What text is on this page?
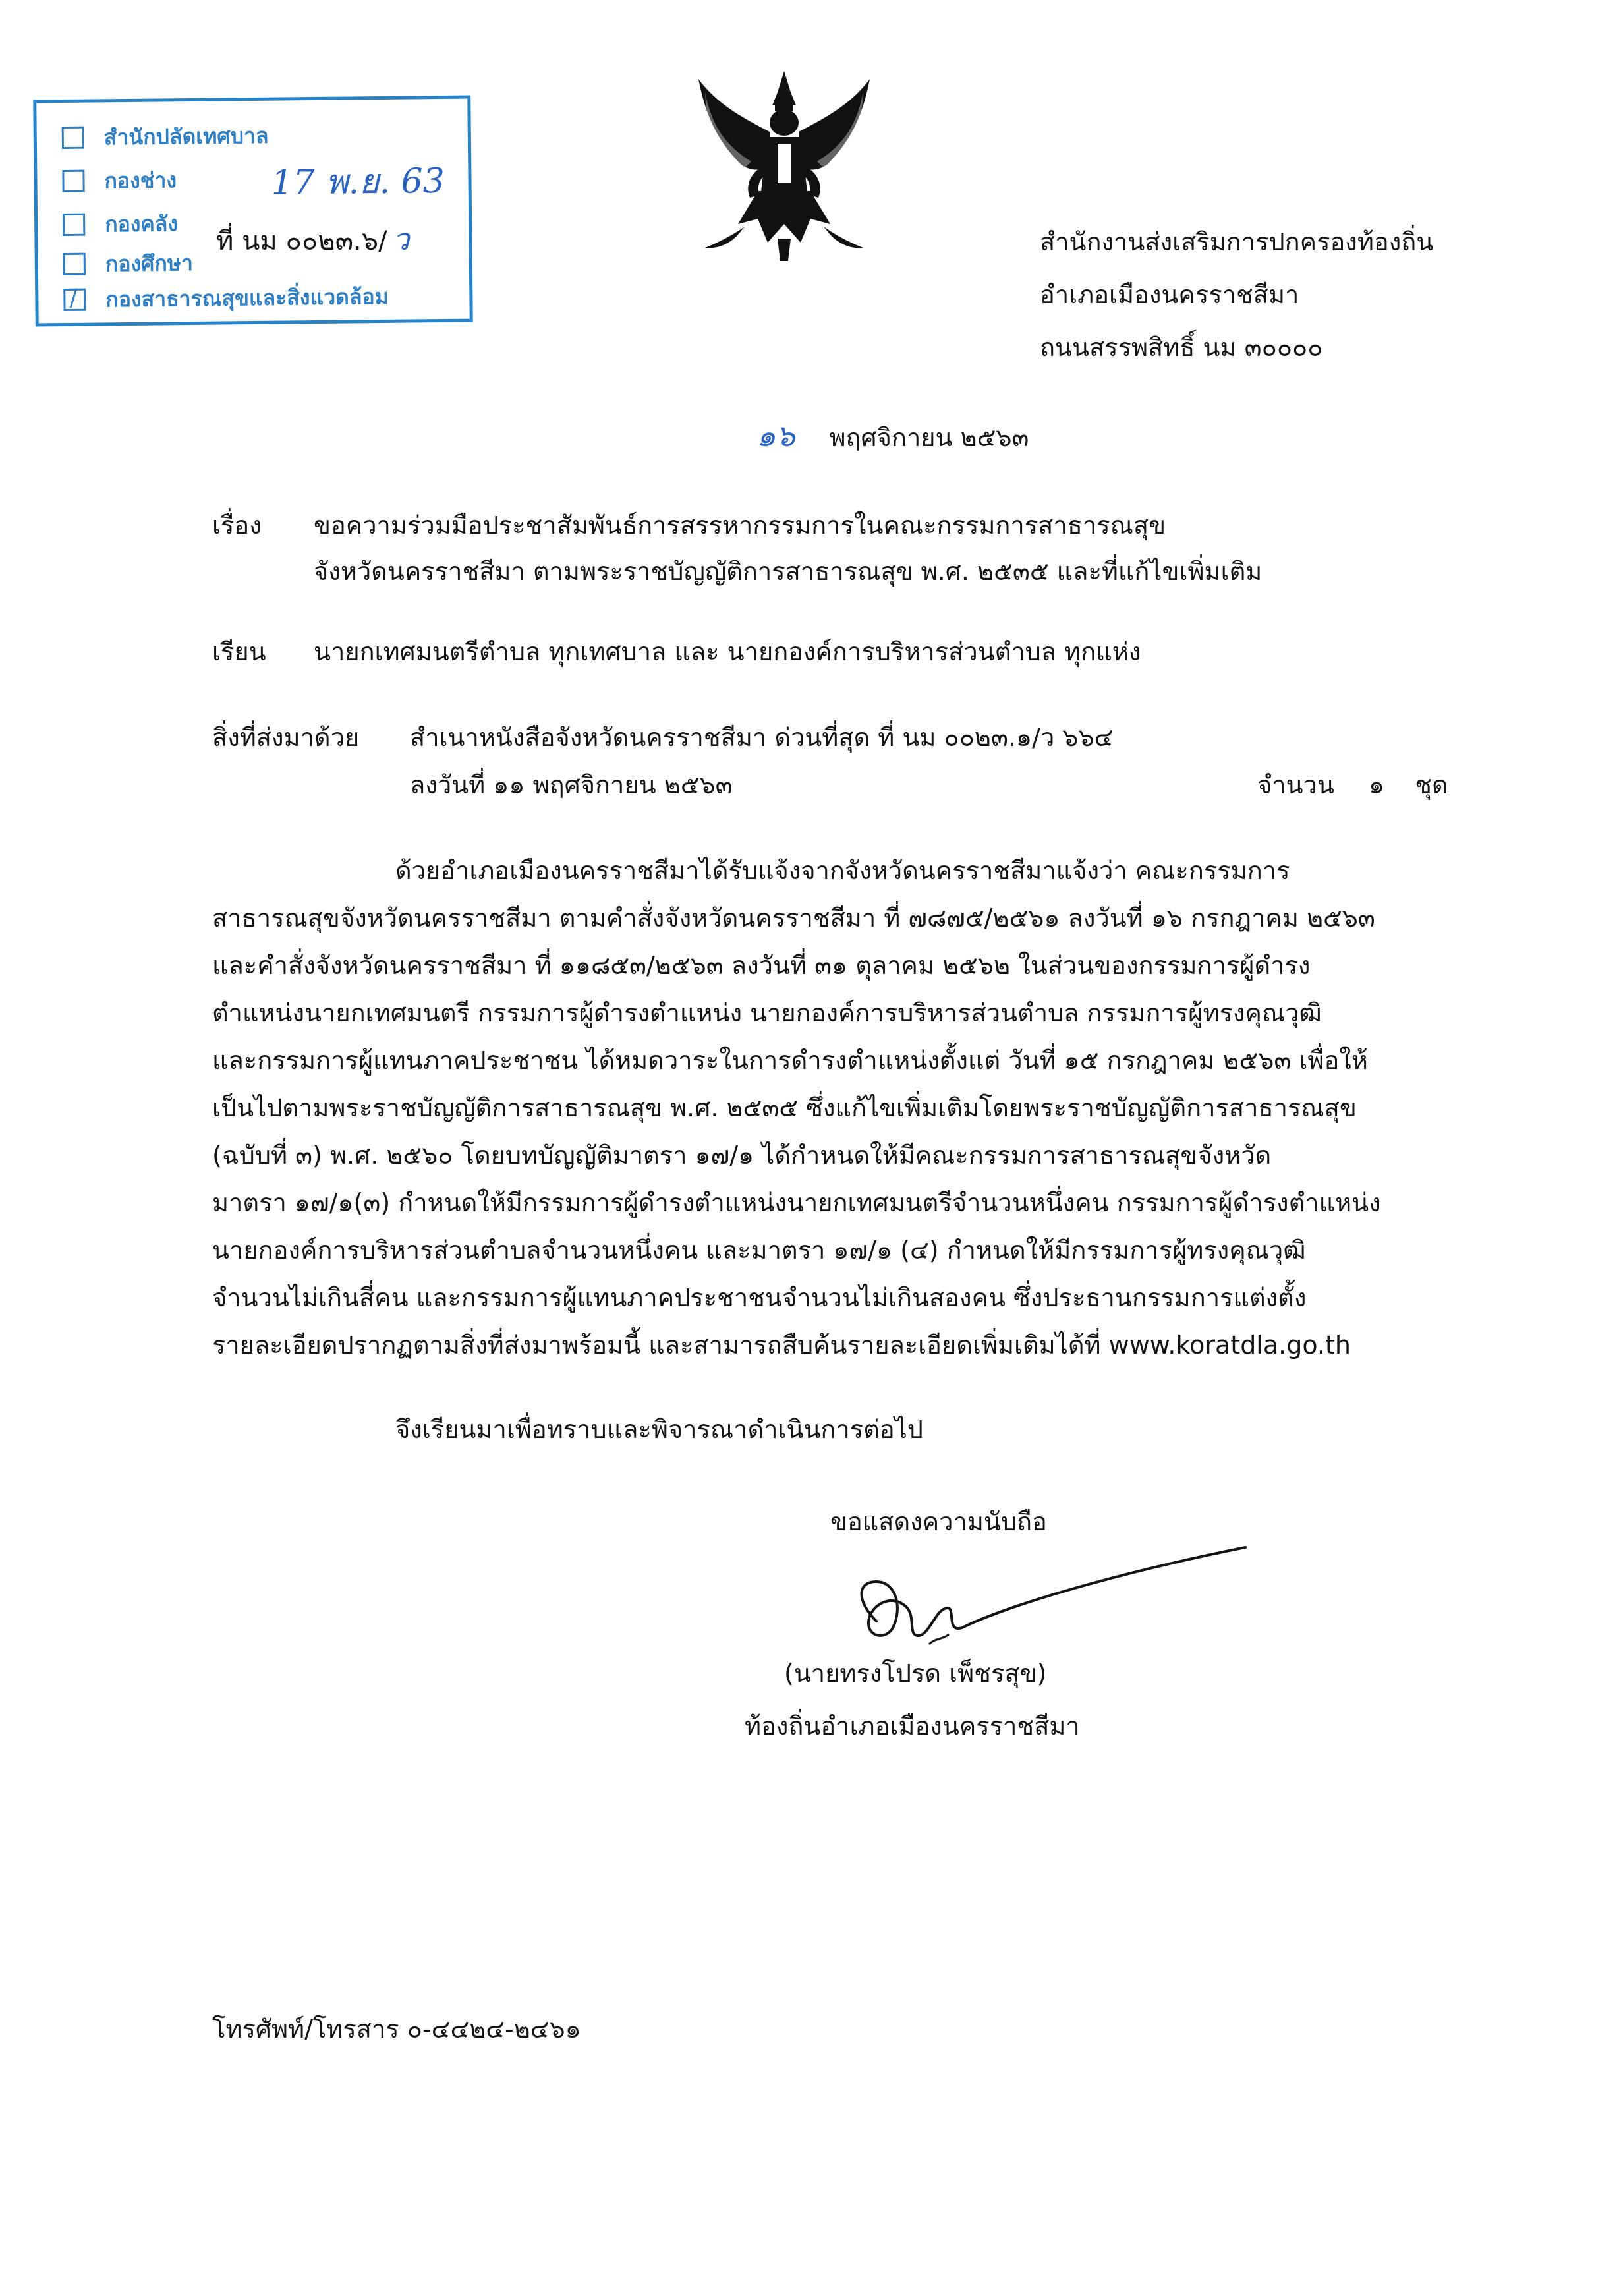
สำนักปลัดเทศบาล
กองช่าง
กองคลัง
กองศึกษา
/ กองสาธารณสุขและสิ่งแวดล้อม
17 พ.ย. 63
ที่ นม ๐๐๒๓.๖/ ว	สำนักงานส่งเสริมการปกครองท้องถิ่น
อำเภอเมืองนครราชสีมา
ถนนสรรพสิทธิ์ นม ๓๐๐๐๐
๑๖ พฤศจิกายน ๒๕๖๓
เรื่อง ขอความร่วมมือประชาสัมพันธ์การสรรหากรรมการในคณะกรรมการสาธารณสุข
จังหวัดนครราชสีมา ตามพระราชบัญญัติการสาธารณสุข พ.ศ. ๒๕๓๕ และที่แก้ไขเพิ่มเติม
เรียน นายกเทศมนตรีตำบล ทุกเทศบาล และ นายกองค์การบริหารส่วนตำบล ทุกแห่ง
สิ่งที่ส่งมาด้วย สำเนาหนังสือจังหวัดนครราชสีมา ด่วนที่สุด ที่ นม ๐๐๒๓.๑/ว ๖๖๔
ลงวันที่ ๑๑ พฤศจิกายน ๒๕๖๓	จำนวน ๑ ชุด
ด้วยอำเภอเมืองนครราชสีมาได้รับแจ้งจากจังหวัดนครราชสีมาแจ้งว่า คณะกรรมการ
สาธารณสุขจังหวัดนครราชสีมา ตามคำสั่งจังหวัดนครราชสีมา ที่ ๗๘๗๕/๒๕๖๑ ลงวันที่ ๑๖ กรกฎาคม ๒๕๖๓
และคำสั่งจังหวัดนครราชสีมา ที่ ๑๑๘๕๓/๒๕๖๓ ลงวันที่ ๓๑ ตุลาคม ๒๕๖๒ ในส่วนของกรรมการผู้ดำรง
ตำแหน่งนายกเทศมนตรี กรรมการผู้ดำรงตำแหน่ง นายกองค์การบริหารส่วนตำบล กรรมการผู้ทรงคุณวุฒิ
และกรรมการผู้แทนภาคประชาชน ได้หมดวาระในการดำรงตำแหน่งตั้งแต่ วันที่ ๑๕ กรกฎาคม ๒๕๖๓ เพื่อให้
เป็นไปตามพระราชบัญญัติการสาธารณสุข พ.ศ. ๒๕๓๕ ซึ่งแก้ไขเพิ่มเติมโดยพระราชบัญญัติการสาธารณสุข
(ฉบับที่ ๓) พ.ศ. ๒๕๖๐ โดยบทบัญญัติมาตรา ๑๗/๑ ได้กำหนดให้มีคณะกรรมการสาธารณสุขจังหวัด
มาตรา ๑๗/๑(๓) กำหนดให้มีกรรมการผู้ดำรงตำแหน่งนายกเทศมนตรีจำนวนหนึ่งคน กรรมการผู้ดำรงตำแหน่ง
นายกองค์การบริหารส่วนตำบลจำนวนหนึ่งคน และมาตรา ๑๗/๑ (๔) กำหนดให้มีกรรมการผู้ทรงคุณวุฒิ
จำนวนไม่เกินสี่คน และกรรมการผู้แทนภาคประชาชนจำนวนไม่เกินสองคน ซึ่งประธานกรรมการแต่งตั้ง
รายละเอียดปรากฏตามสิ่งที่ส่งมาพร้อมนี้ และสามารถสืบค้นรายละเอียดเพิ่มเติมได้ที่ www.koratdla.go.th
จึงเรียนมาเพื่อทราบและพิจารณาดำเนินการต่อไป
ขอแสดงความนับถือ
(นายทรงโปรด เพ็ชรสุข)
ท้องถิ่นอำเภอเมืองนครราชสีมา
โทรศัพท์/โทรสาร ๐-๔๔๒๔-๒๔๖๑
